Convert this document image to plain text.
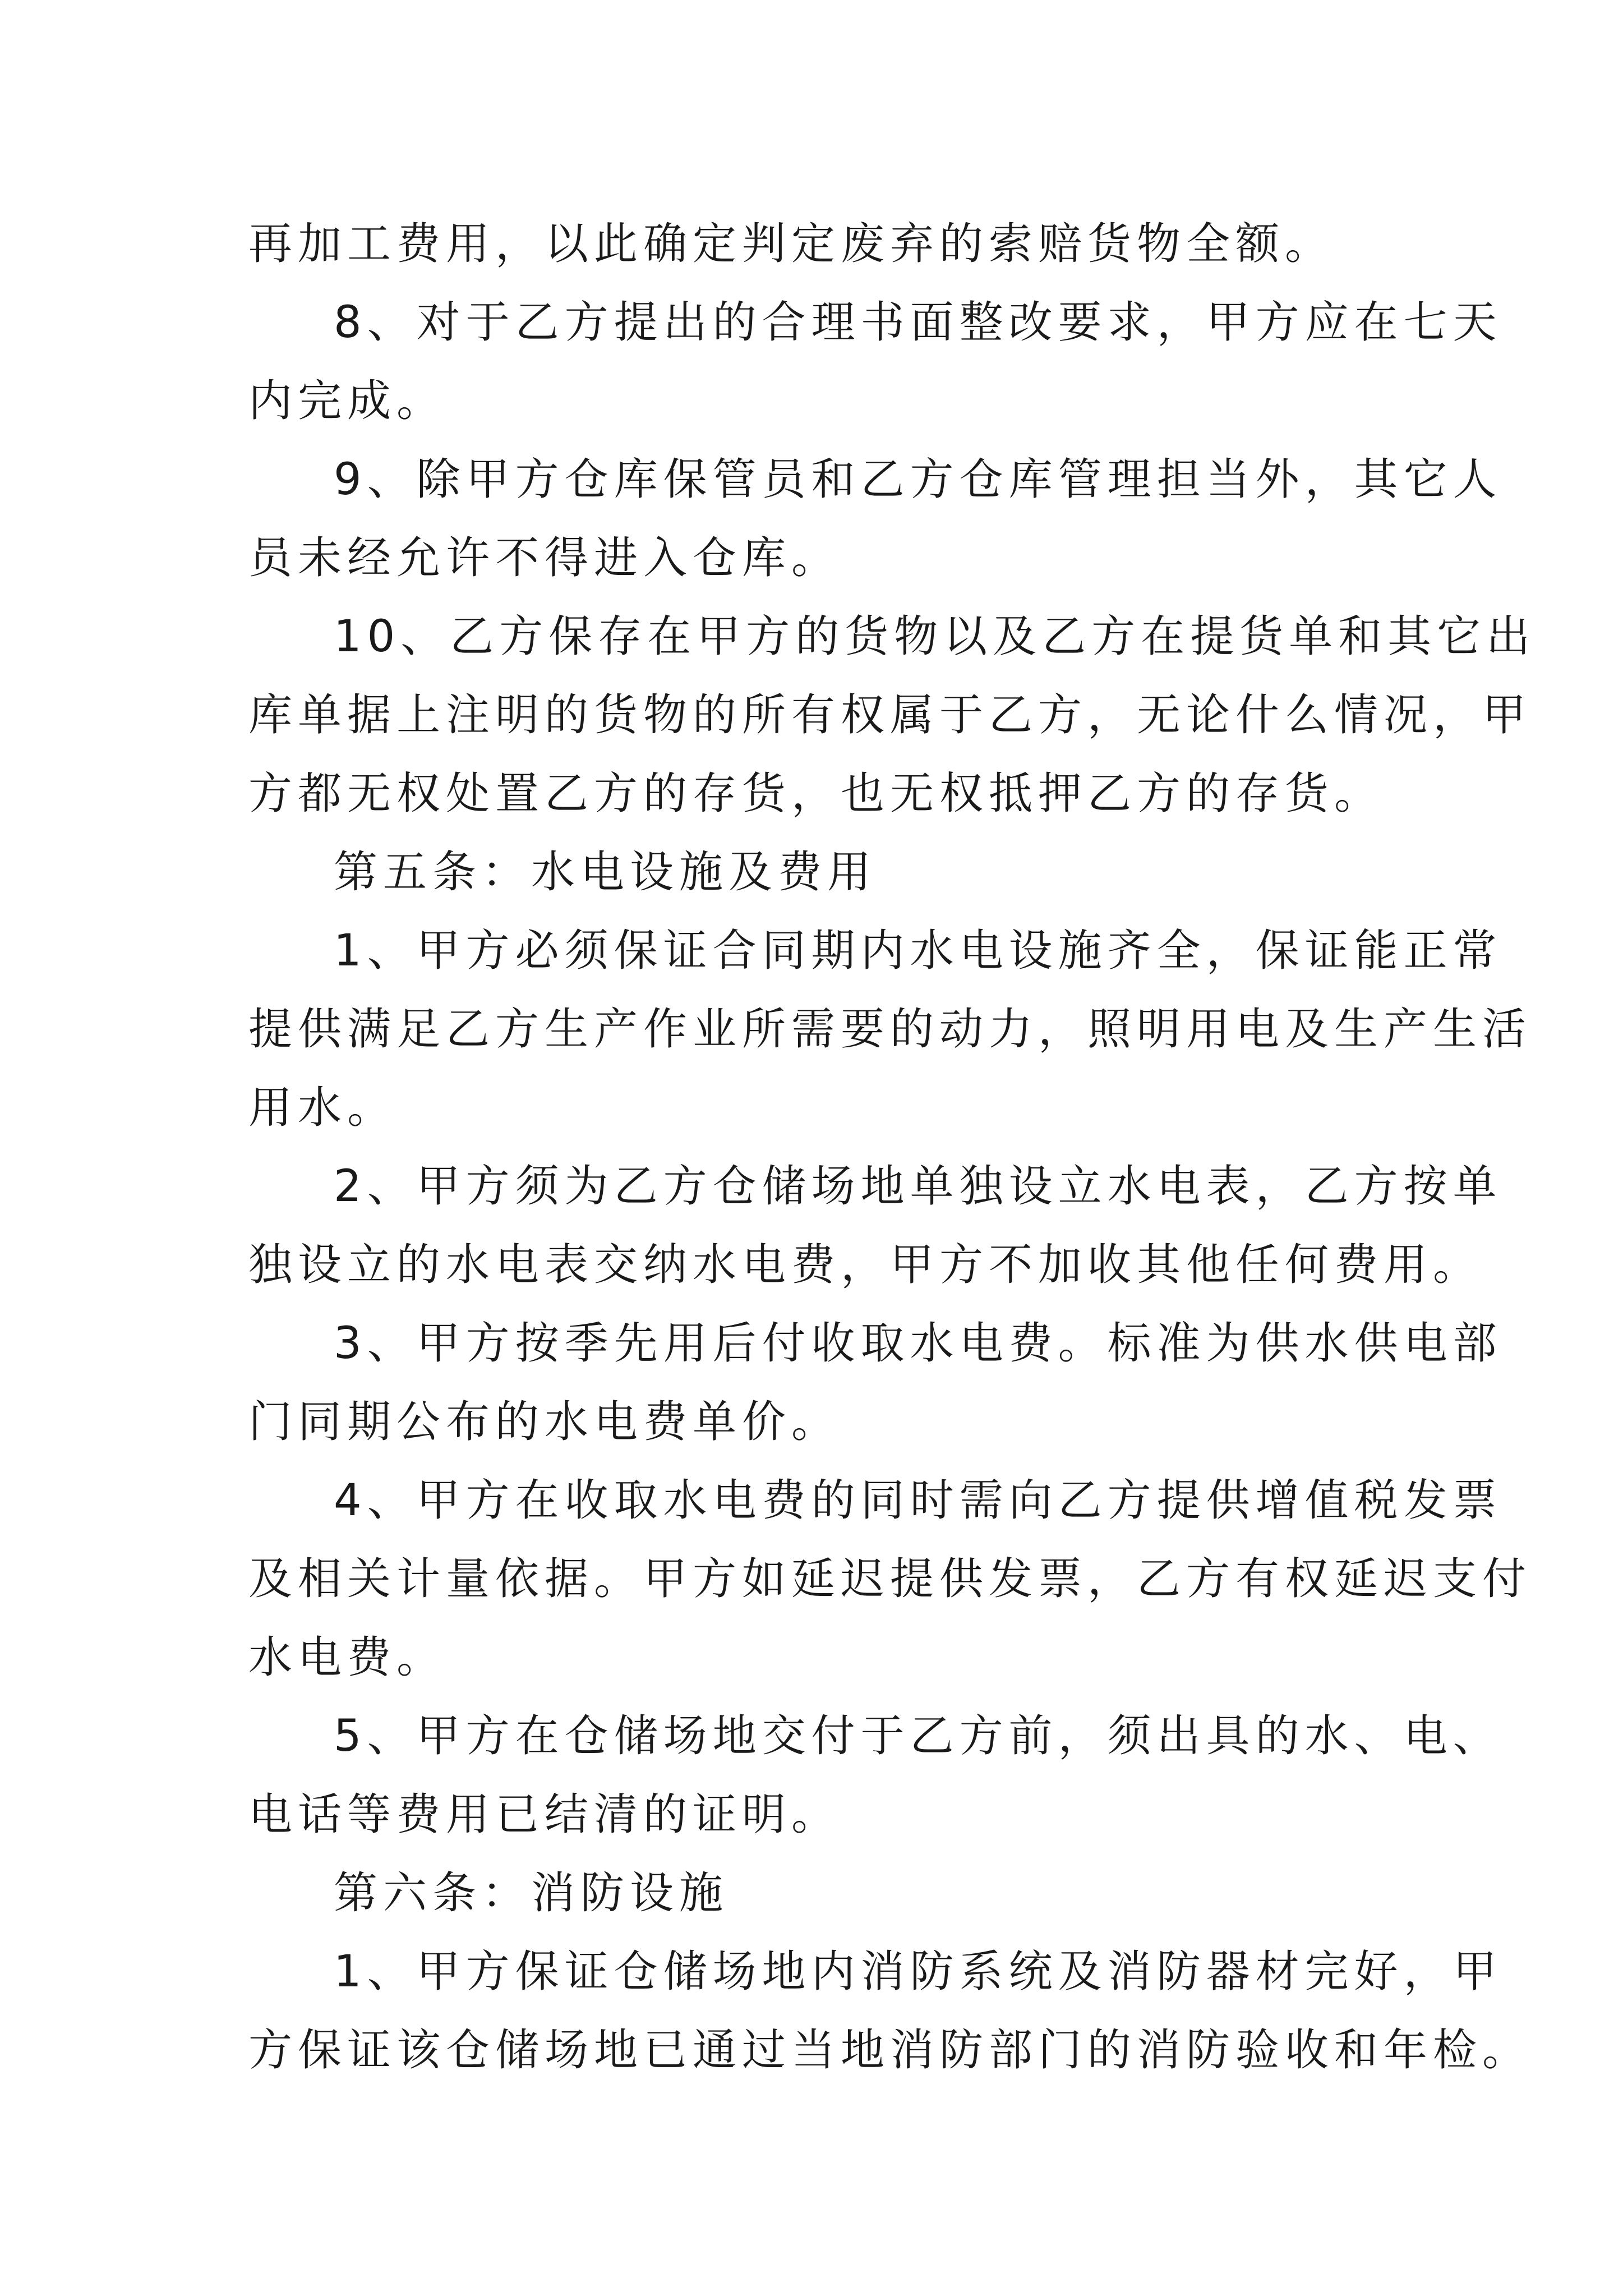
再加工费用，以此确定判定废弃的索赔货物全额。
8、对于乙方提出的合理书面整改要求，甲方应在七天
内完成。
9、除甲方仓库保管员和乙方仓库管理担当外，其它人
员未经允许不得进入仓库。
10、乙方保存在甲方的货物以及乙方在提货单和其它出
库单据上注明的货物的所有权属于乙方，无论什么情况，甲
方都无权处置乙方的存货，也无权抵押乙方的存货。
第五条：水电设施及费用
1、甲方必须保证合同期内水电设施齐全，保证能正常
提供满足乙方生产作业所需要的动力，照明用电及生产生活
用水。
2、甲方须为乙方仓储场地单独设立水电表，乙方按单
独设立的水电表交纳水电费，甲方不加收其他任何费用。
3、甲方按季先用后付收取水电费。标准为供水供电部
门同期公布的水电费单价。
4、甲方在收取水电费的同时需向乙方提供增值税发票
及相关计量依据。甲方如延迟提供发票，乙方有权延迟支付
水电费。
5、甲方在仓储场地交付于乙方前，须出具的水、电、
电话等费用已结清的证明。
第六条：消防设施
1、甲方保证仓储场地内消防系统及消防器材完好，甲
方保证该仓储场地已通过当地消防部门的消防验收和年检。
